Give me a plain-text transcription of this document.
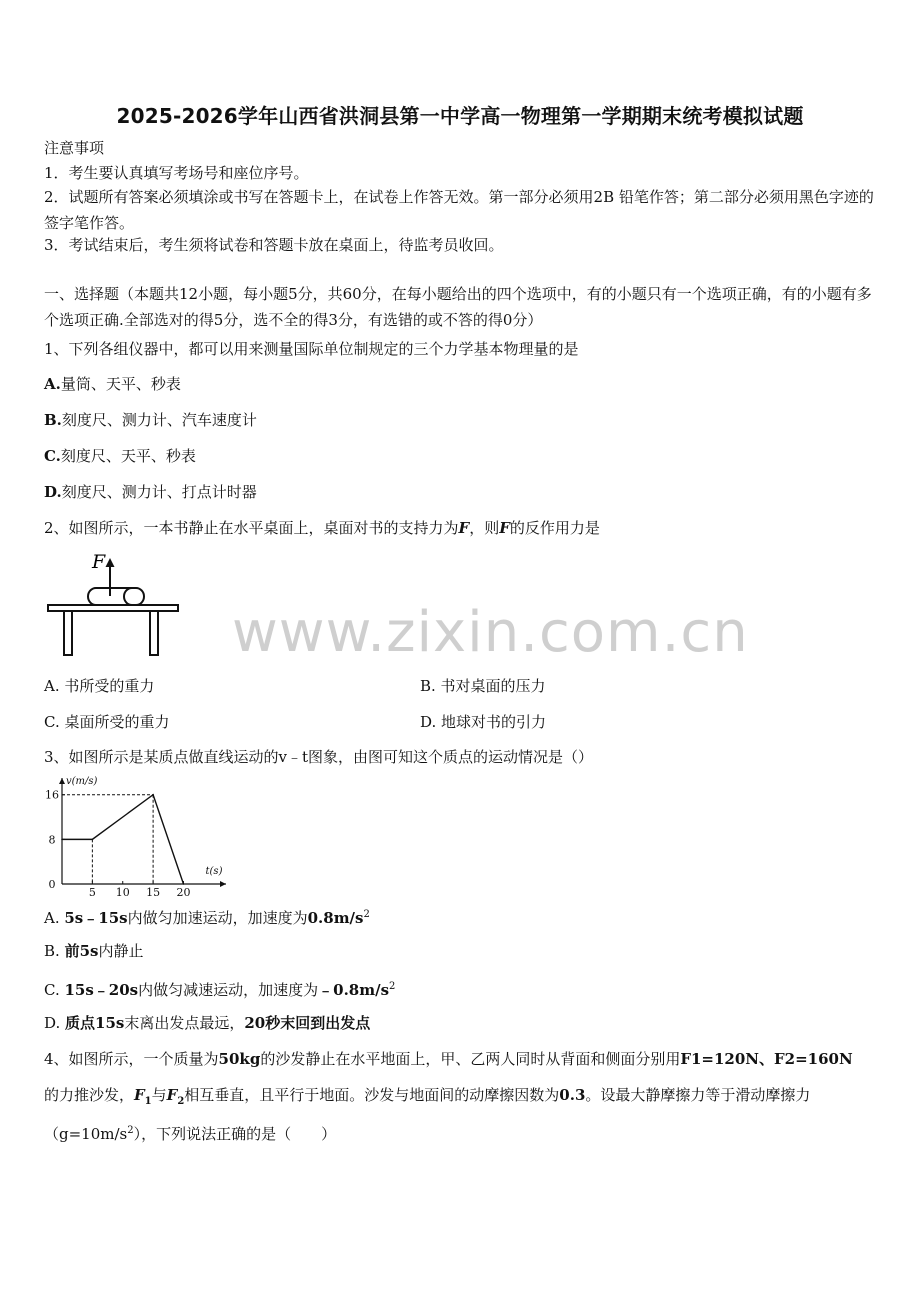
2025-2026学年山西省洪洞县第一中学高一物理第一学期期末统考模拟试题
注意事项
1．考生要认真填写考场号和座位序号。
2．试题所有答案必须填涂或书写在答题卡上，在试卷上作答无效。第一部分必须用2B 铅笔作答；第二部分必须用黑色字迹的签字笔作答。
3．考试结束后，考生须将试卷和答题卡放在桌面上，待监考员收回。
一、选择题（本题共12小题，每小题5分，共60分，在每小题给出的四个选项中，有的小题只有一个选项正确，有的小题有多个选项正确.全部选对的得5分，选不全的得3分，有选错的或不答的得0分）
1、下列各组仪器中，都可以用来测量国际单位制规定的三个力学基本物理量的是
A.量筒、天平、秒表
B.刻度尺、测力计、汽车速度计
C.刻度尺、天平、秒表
D.刻度尺、测力计、打点计时器
2、如图所示，一本书静止在水平桌面上，桌面对书的支持力为F，则F的反作用力是
F
www.zixin.com.cn
A. 书所受的重力	B. 书对桌面的压力
C. 桌面所受的重力	D. 地球对书的引力
3、如图所示是某质点做直线运动的v﹣t图象，由图可知这个质点的运动情况是（）
v(m/s)
t(s)
0
8
16
5 10 15 20
A. 5s﹣15s内做匀加速运动，加速度为$0.8m/s^2$
B. 前5s内静止
C. 15s﹣20s内做匀减速运动，加速度为$﹣0.8m/s^2$
D. 质点15s末离出发点最远，20秒末回到出发点
4、如图所示，一个质量为50kg的沙发静止在水平地面上，甲、乙两人同时从背面和侧面分别用F1=120N、F2=160N
的力推沙发，$F_1$与$F_2$相互垂直，且平行于地面。沙发与地面间的动摩擦因数为0.3。设最大静摩擦力等于滑动摩擦力
$(g=10m/s^2)$，下列说法正确的是（　　）
